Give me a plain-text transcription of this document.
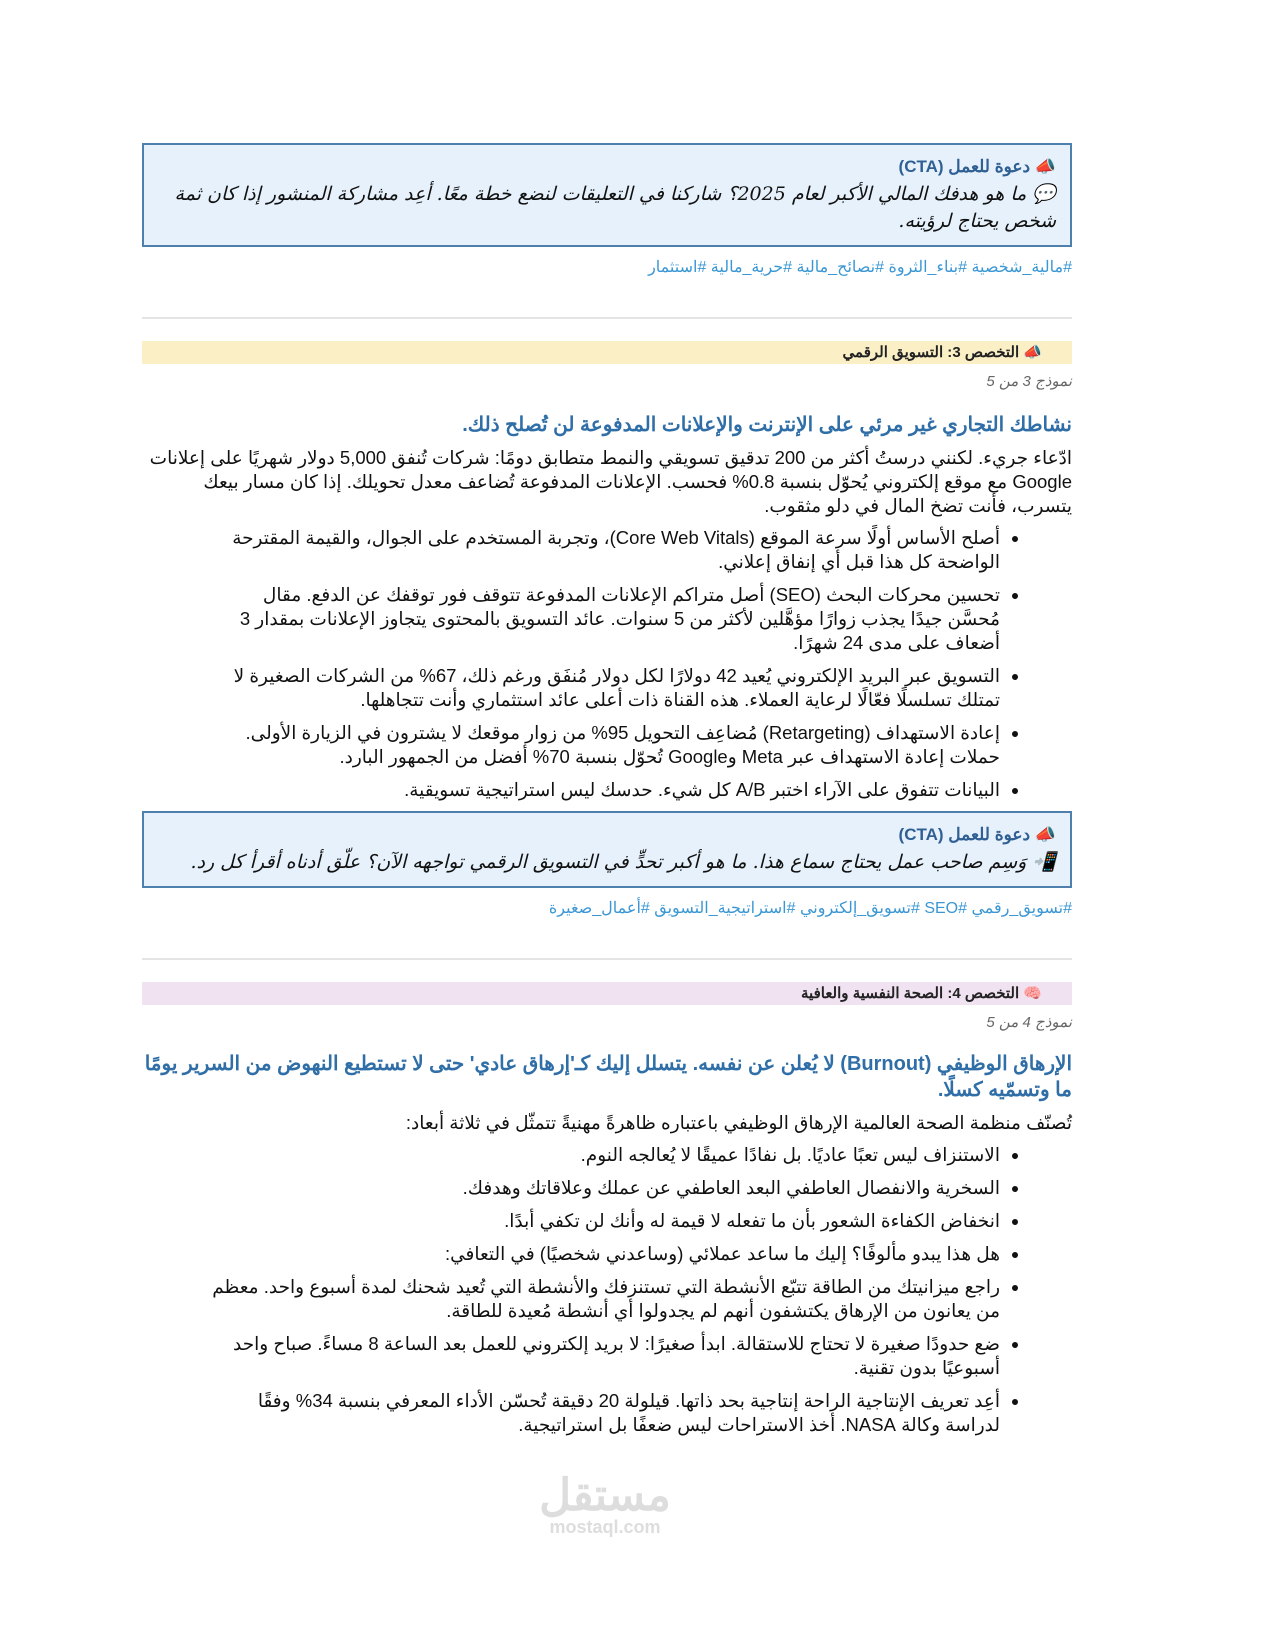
📣 دعوة للعمل (CTA)
💬 ما هو هدفك المالي الأكبر لعام 2025؟ شاركنا في التعليقات لنضع خطة معًا. أعِد مشاركة المنشور إذا كان ثمة شخص يحتاج لرؤيته.
#مالية_شخصية #بناء_الثروة #نصائح_مالية #حرية_مالية #استثمار
📣 التخصص 3: التسويق الرقمي
نموذج 3 من 5
نشاطك التجاري غير مرئي على الإنترنت والإعلانات المدفوعة لن تُصلح ذلك.
ادّعاء جريء. لكنني درستُ أكثر من 200 تدقيق تسويقي والنمط متطابق دومًا: شركات تُنفق 5,000 دولار شهريًا على إعلانات Google مع موقع إلكتروني يُحوّل بنسبة 0.8% فحسب. الإعلانات المدفوعة تُضاعف معدل تحويلك. إذا كان مسار بيعك يتسرب، فأنت تضخ المال في دلو مثقوب.
• أصلح الأساس أولًا سرعة الموقع (Core Web Vitals)، وتجربة المستخدم على الجوال، والقيمة المقترحة الواضحة كل هذا قبل أي إنفاق إعلاني.
• تحسين محركات البحث (SEO) أصل متراكم الإعلانات المدفوعة تتوقف فور توقفك عن الدفع. مقال مُحسَّن جيدًا يجذب زوارًا مؤهَّلين لأكثر من 5 سنوات. عائد التسويق بالمحتوى يتجاوز الإعلانات بمقدار 3 أضعاف على مدى 24 شهرًا.
• التسويق عبر البريد الإلكتروني يُعيد 42 دولارًا لكل دولار مُنفَق ورغم ذلك، 67% من الشركات الصغيرة لا تمتلك تسلسلًا فعّالًا لرعاية العملاء. هذه القناة ذات أعلى عائد استثماري وأنت تتجاهلها.
• إعادة الاستهداف (Retargeting) مُضاعِف التحويل 95% من زوار موقعك لا يشترون في الزيارة الأولى. حملات إعادة الاستهداف عبر Meta وGoogle تُحوّل بنسبة 70% أفضل من الجمهور البارد.
• البيانات تتفوق على الآراء اختبر A/B كل شيء. حدسك ليس استراتيجية تسويقية.
📣 دعوة للعمل (CTA)
📲 وَسِم صاحب عمل يحتاج سماع هذا. ما هو أكبر تحدٍّ في التسويق الرقمي تواجهه الآن؟ علّق أدناه أقرأ كل رد.
#تسويق_رقمي #SEO #تسويق_إلكتروني #استراتيجية_التسويق #أعمال_صغيرة
🧠 التخصص 4: الصحة النفسية والعافية
نموذج 4 من 5
الإرهاق الوظيفي (Burnout) لا يُعلن عن نفسه. يتسلل إليك كـ'إرهاق عادي' حتى لا تستطيع النهوض من السرير يومًا ما وتسمّيه كسلًا.
تُصنّف منظمة الصحة العالمية الإرهاق الوظيفي باعتباره ظاهرةً مهنيةً تتمثّل في ثلاثة أبعاد:
• الاستنزاف ليس تعبًا عاديًا. بل نفادًا عميقًا لا يُعالجه النوم.
• السخرية والانفصال العاطفي البعد العاطفي عن عملك وعلاقاتك وهدفك.
• انخفاض الكفاءة الشعور بأن ما تفعله لا قيمة له وأنك لن تكفي أبدًا.
• هل هذا يبدو مألوفًا؟ إليك ما ساعد عملائي (وساعدني شخصيًا) في التعافي:
• راجع ميزانيتك من الطاقة تتبّع الأنشطة التي تستنزفك والأنشطة التي تُعيد شحنك لمدة أسبوع واحد. معظم من يعانون من الإرهاق يكتشفون أنهم لم يجدولوا أي أنشطة مُعيدة للطاقة.
• ضع حدودًا صغيرة لا تحتاج للاستقالة. ابدأ صغيرًا: لا بريد إلكتروني للعمل بعد الساعة 8 مساءً. صباح واحد أسبوعيًا بدون تقنية.
• أعِد تعريف الإنتاجية الراحة إنتاجية بحد ذاتها. قيلولة 20 دقيقة تُحسّن الأداء المعرفي بنسبة 34% وفقًا لدراسة وكالة NASA. أخذ الاستراحات ليس ضعفًا بل استراتيجية.
مستقل
mostaql.com
